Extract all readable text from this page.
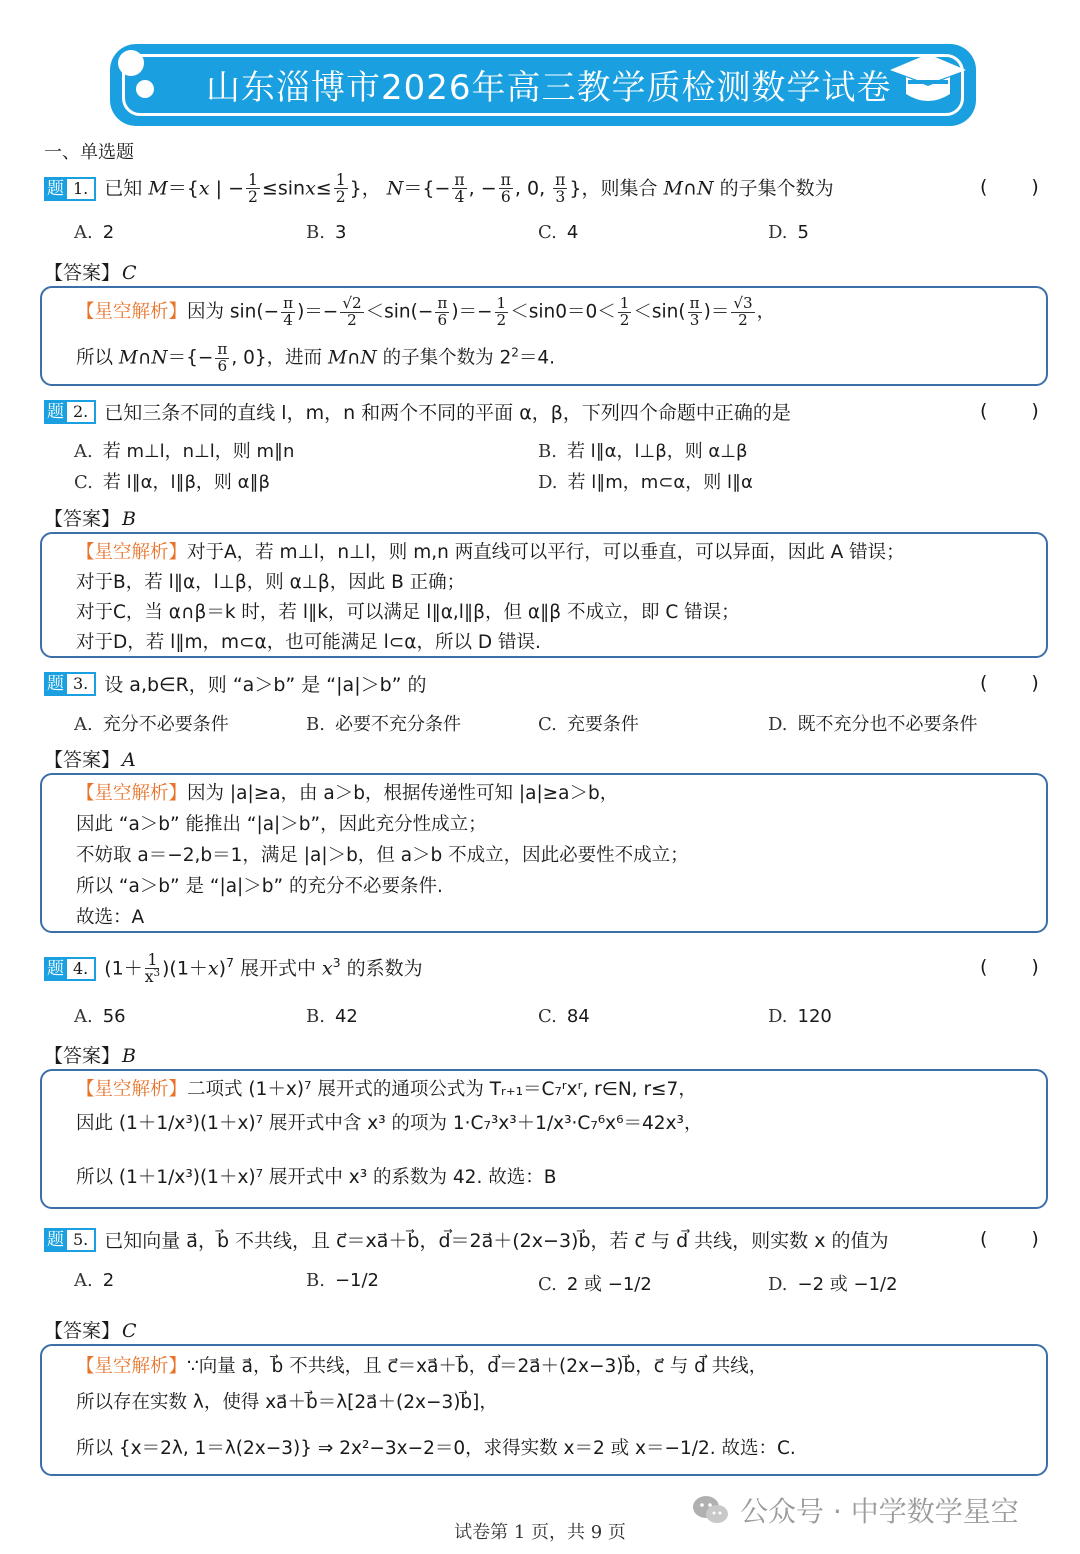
山东淄博市2026年高三教学质检测数学试卷
一、单选题
题 1. 已知 M＝{x | − $\frac{1}{2} \le\sin x\le \frac{1}{2}$ }， $N=\{- \frac{\pi}{4}$ , − $\frac{\pi}{6}$ , 0, $\frac{\pi}{3}$ }，则集合 M∩N 的子集个数为	( )
A. 2	B. 3	C. 4	D. 5
【答案】 C
【星空解析】因为 $\sin(- \frac{\pi}{4}$ )＝− $\frac{√2}{2} <\sin(- \frac{\pi}{6}$ )＝− $\frac{1}{2} <\sin 0=0< \frac{1}{2} <\sin( \frac{\pi}{3}$ )＝ $\frac{√3}{2}$ ，
所以 M∩N＝{− $\frac{\pi}{6}$ , 0}，进而 M∩N 的子集个数为 $2^2=4$.
题 2. 已知三条不同的直线 l，m，n 和两个不同的平面 α，β，下列四个命题中正确的是	( )
A. 若 m⊥l，n⊥l，则 m∥n	B. 若 l∥α，l⊥β，则 α⊥β
C. 若 l∥α，l∥β，则 α∥β	D. 若 l∥m，m⊂α，则 l∥α
【答案】 B
【星空解析】对于A，若 m⊥l，n⊥l，则 m,n 两直线可以平行，可以垂直，可以异面，因此 A 错误；
对于B，若 l∥α，l⊥β，则 α⊥β，因此 B 正确；
对于C，当 α∩β＝k 时，若 l∥k，可以满足 l∥α,l∥β，但 α∥β 不成立，即 C 错误；
对于D，若 l∥m，m⊂α，也可能满足 l⊂α，所以 D 错误.
题 3. 设 a,b∈R，则 “a＞b” 是 “|a|＞b” 的	( )
A. 充分不必要条件	B. 必要不充分条件	C. 充要条件	D. 既不充分也不必要条件
【答案】 A
【星空解析】因为 |a|≥a，由 a＞b，根据传递性可知 |a|≥a＞b，
因此 “a＞b” 能推出 “|a|＞b”，因此充分性成立；
不妨取 a＝−2,b＝1，满足 |a|＞b，但 a＞b 不成立，因此必要性不成立；
所以 “a＞b” 是 “|a|＞b” 的充分不必要条件.
故选：A
题 4. $(1+ \frac{1}{x^3} )(1+x)^7$ 展开式中 $x^3$ 的系数为	( )
A. 56	B. 42	C. 84	D. 120
【答案】 B
【星空解析】二项式 (1＋x)⁷ 展开式的通项公式为 Tᵣ₊₁＝C₇ʳxʳ, r∈N, r≤7，
因此 (1＋1/x³)(1＋x)⁷ 展开式中含 x³ 的项为 1·C₇³x³＋1/x³·C₇⁶x⁶＝42x³，
所以 (1＋1/x³)(1＋x)⁷ 展开式中 x³ 的系数为 42. 故选：B
题 5. 已知向量 a⃗，b⃗ 不共线，且 c⃗＝xa⃗＋b⃗，d⃗＝2a⃗＋(2x−3)b⃗，若 c⃗ 与 d⃗ 共线，则实数 x 的值为	( )
A. 2	B. −1/2	C. 2 或 −1/2	D. −2 或 −1/2
【答案】 C
【星空解析】∵向量 a⃗，b⃗ 不共线，且 c⃗＝xa⃗＋b⃗，d⃗＝2a⃗＋(2x−3)b⃗，c⃗ 与 d⃗ 共线，
所以存在实数 λ，使得 xa⃗＋b⃗＝λ[2a⃗＋(2x−3)b⃗]，
所以 {x＝2λ, 1＝λ(2x−3)} ⇒ 2x²−3x−2＝0，求得实数 x＝2 或 x＝−1/2. 故选：C.
公众号 · 中学数学星空
试卷第 1 页，共 9 页
